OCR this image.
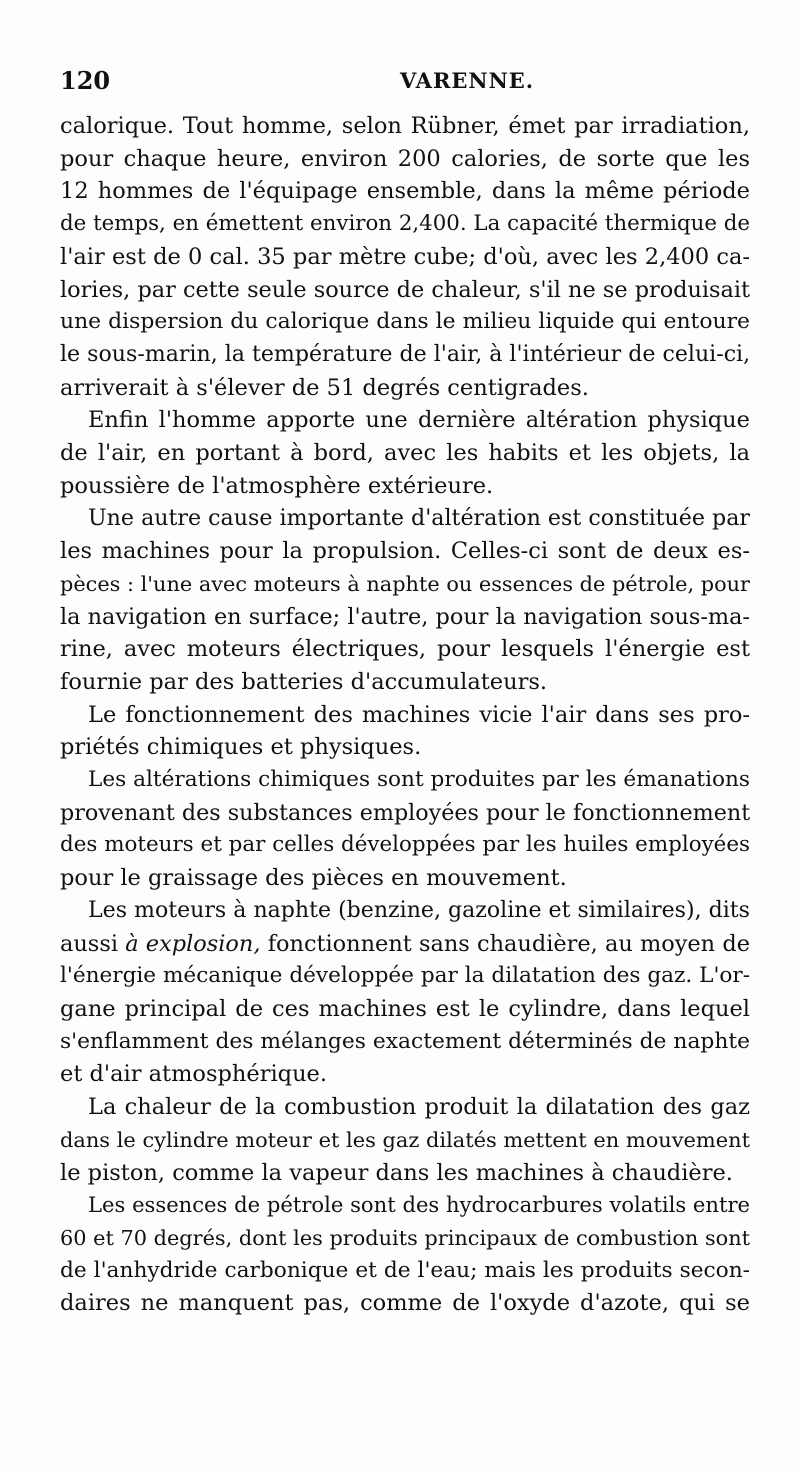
120	VARENNE.
calorique. Tout homme, selon Rübner, émet par irradiation,
pour chaque heure, environ 200 calories, de sorte que les
12 hommes de l'équipage ensemble, dans la même période
de temps, en émettent environ 2,400. La capacité thermique de
l'air est de 0 cal. 35 par mètre cube; d'où, avec les 2,400 ca-
lories, par cette seule source de chaleur, s'il ne se produisait
une dispersion du calorique dans le milieu liquide qui entoure
le sous-marin, la température de l'air, à l'intérieur de celui-ci,
arriverait à s'élever de 51 degrés centigrades.
Enfin l'homme apporte une dernière altération physique
de l'air, en portant à bord, avec les habits et les objets, la
poussière de l'atmosphère extérieure.
Une autre cause importante d'altération est constituée par
les machines pour la propulsion. Celles-ci sont de deux es-
pèces : l'une avec moteurs à naphte ou essences de pétrole, pour
la navigation en surface; l'autre, pour la navigation sous-ma-
rine, avec moteurs électriques, pour lesquels l'énergie est
fournie par des batteries d'accumulateurs.
Le fonctionnement des machines vicie l'air dans ses pro-
priétés chimiques et physiques.
Les altérations chimiques sont produites par les émanations
provenant des substances employées pour le fonctionnement
des moteurs et par celles développées par les huiles employées
pour le graissage des pièces en mouvement.
Les moteurs à naphte (benzine, gazoline et similaires), dits
aussi à explosion, fonctionnent sans chaudière, au moyen de
l'énergie mécanique développée par la dilatation des gaz. L'or-
gane principal de ces machines est le cylindre, dans lequel
s'enflamment des mélanges exactement déterminés de naphte
et d'air atmosphérique.
La chaleur de la combustion produit la dilatation des gaz
dans le cylindre moteur et les gaz dilatés mettent en mouvement
le piston, comme la vapeur dans les machines à chaudière.
Les essences de pétrole sont des hydrocarbures volatils entre
60 et 70 degrés, dont les produits principaux de combustion sont
de l'anhydride carbonique et de l'eau; mais les produits secon-
daires ne manquent pas, comme de l'oxyde d'azote, qui se
